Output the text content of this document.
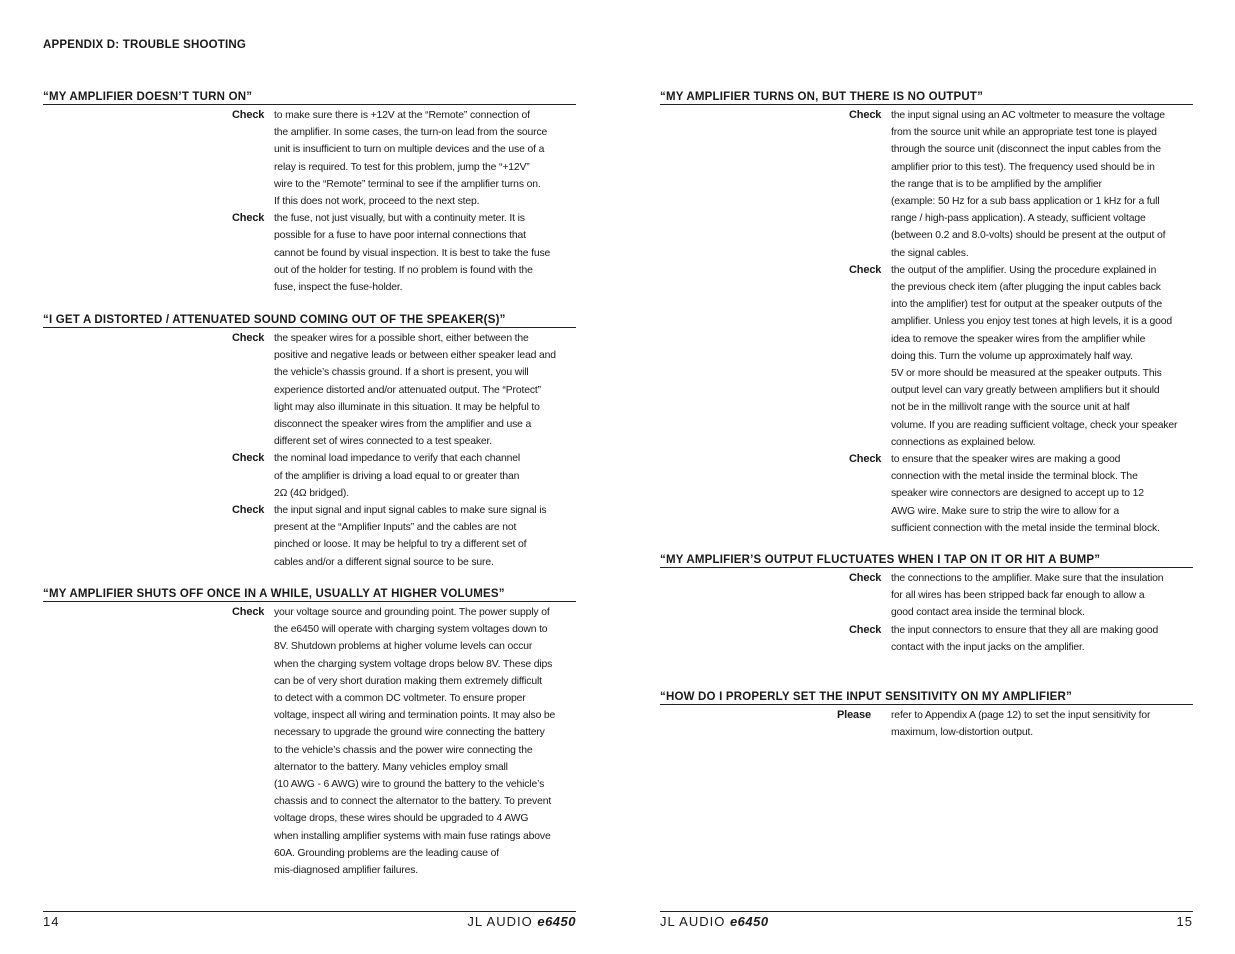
APPENDIX D: TROUBLE SHOOTING
“MY AMPLIFIER DOESN’T TURN ON”
Check to make sure there is +12V at the “Remote” connection of
the amplifier. In some cases, the turn-on lead from the source
unit is insufficient to turn on multiple devices and the use of a
relay is required. To test for this problem, jump the “+12V”
wire to the “Remote” terminal to see if the amplifier turns on.
If this does not work, proceed to the next step.
Check the fuse, not just visually, but with a continuity meter. It is
possible for a fuse to have poor internal connections that
cannot be found by visual inspection. It is best to take the fuse
out of the holder for testing. If no problem is found with the
fuse, inspect the fuse-holder.
“I GET A DISTORTED / ATTENUATED SOUND COMING OUT OF THE SPEAKER(S)”
Check the speaker wires for a possible short, either between the
positive and negative leads or between either speaker lead and
the vehicle’s chassis ground. If a short is present, you will
experience distorted and/or attenuated output. The “Protect”
light may also illuminate in this situation. It may be helpful to
disconnect the speaker wires from the amplifier and use a
different set of wires connected to a test speaker.
Check the nominal load impedance to verify that each channel
of the amplifier is driving a load equal to or greater than
2Ω (4Ω bridged).
Check the input signal and input signal cables to make sure signal is
present at the “Amplifier Inputs” and the cables are not
pinched or loose. It may be helpful to try a different set of
cables and/or a different signal source to be sure.
“MY AMPLIFIER SHUTS OFF ONCE IN A WHILE, USUALLY AT HIGHER VOLUMES”
Check your voltage source and grounding point. The power supply of
the e6450 will operate with charging system voltages down to
8V. Shutdown problems at higher volume levels can occur
when the charging system voltage drops below 8V. These dips
can be of very short duration making them extremely difficult
to detect with a common DC voltmeter. To ensure proper
voltage, inspect all wiring and termination points. It may also be
necessary to upgrade the ground wire connecting the battery
to the vehicle’s chassis and the power wire connecting the
alternator to the battery. Many vehicles employ small
(10 AWG - 6 AWG) wire to ground the battery to the vehicle’s
chassis and to connect the alternator to the battery. To prevent
voltage drops, these wires should be upgraded to 4 AWG
when installing amplifier systems with main fuse ratings above
60A. Grounding problems are the leading cause of
mis-diagnosed amplifier failures.
14	JL AUDIO e6450
“MY AMPLIFIER TURNS ON, BUT THERE IS NO OUTPUT”
Check the input signal using an AC voltmeter to measure the voltage
from the source unit while an appropriate test tone is played
through the source unit (disconnect the input cables from the
amplifier prior to this test). The frequency used should be in
the range that is to be amplified by the amplifier
(example: 50 Hz for a sub bass application or 1 kHz for a full
range / high-pass application). A steady, sufficient voltage
(between 0.2 and 8.0-volts) should be present at the output of
the signal cables.
Check the output of the amplifier. Using the procedure explained in
the previous check item (after plugging the input cables back
into the amplifier) test for output at the speaker outputs of the
amplifier. Unless you enjoy test tones at high levels, it is a good
idea to remove the speaker wires from the amplifier while
doing this. Turn the volume up approximately half way.
5V or more should be measured at the speaker outputs. This
output level can vary greatly between amplifiers but it should
not be in the millivolt range with the source unit at half
volume. If you are reading sufficient voltage, check your speaker
connections as explained below.
Check to ensure that the speaker wires are making a good
connection with the metal inside the terminal block. The
speaker wire connectors are designed to accept up to 12
AWG wire. Make sure to strip the wire to allow for a
sufficient connection with the metal inside the terminal block.
“MY AMPLIFIER’S OUTPUT FLUCTUATES WHEN I TAP ON IT OR HIT A BUMP”
Check the connections to the amplifier. Make sure that the insulation
for all wires has been stripped back far enough to allow a
good contact area inside the terminal block.
Check the input connectors to ensure that they all are making good
contact with the input jacks on the amplifier.
“HOW DO I PROPERLY SET THE INPUT SENSITIVITY ON MY AMPLIFIER”
Please	refer to Appendix A (page 12) to set the input sensitivity for
maximum, low-distortion output.
JL AUDIO e6450	15
